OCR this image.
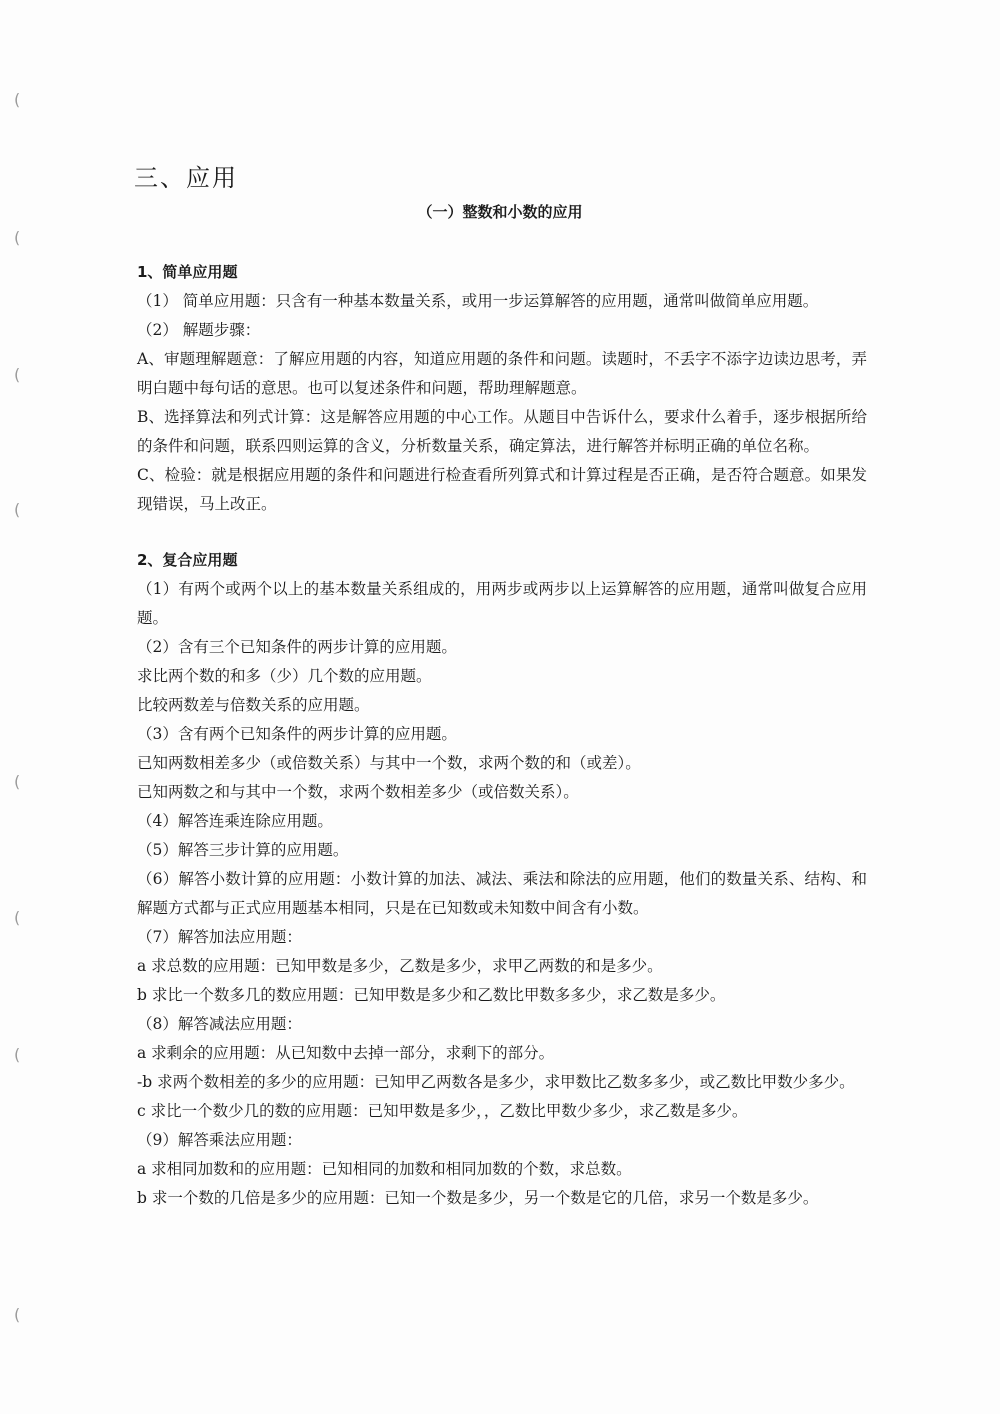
(
(
(
(
(
(
(
(
三、应用
（一）整数和小数的应用
1、简单应用题
（1） 简单应用题：只含有一种基本数量关系，或用一步运算解答的应用题，通常叫做简单应用题。
（2） 解题步骤：
A、审题理解题意：了解应用题的内容，知道应用题的条件和问题。读题时，不丢字不添字边读边思考，弄明白题中每句话的意思。也可以复述条件和问题，帮助理解题意。
B、选择算法和列式计算：这是解答应用题的中心工作。从题目中告诉什么，要求什么着手，逐步根据所给的条件和问题，联系四则运算的含义，分析数量关系，确定算法，进行解答并标明正确的单位名称。
C、检验：就是根据应用题的条件和问题进行检查看所列算式和计算过程是否正确，是否符合题意。如果发现错误，马上改正。
2、复合应用题
（1）有两个或两个以上的基本数量关系组成的，用两步或两步以上运算解答的应用题，通常叫做复合应用题。
（2）含有三个已知条件的两步计算的应用题。
求比两个数的和多（少）几个数的应用题。
比较两数差与倍数关系的应用题。
（3）含有两个已知条件的两步计算的应用题。
已知两数相差多少（或倍数关系）与其中一个数，求两个数的和（或差）。
已知两数之和与其中一个数，求两个数相差多少（或倍数关系）。
（4）解答连乘连除应用题。
（5）解答三步计算的应用题。
（6）解答小数计算的应用题：小数计算的加法、减法、乘法和除法的应用题，他们的数量关系、结构、和解题方式都与正式应用题基本相同，只是在已知数或未知数中间含有小数。
（7）解答加法应用题：
a 求总数的应用题：已知甲数是多少，乙数是多少，求甲乙两数的和是多少。
b 求比一个数多几的数应用题：已知甲数是多少和乙数比甲数多多少，求乙数是多少。
（8）解答减法应用题：
a 求剩余的应用题：从已知数中去掉一部分，求剩下的部分。
-b 求两个数相差的多少的应用题：已知甲乙两数各是多少，求甲数比乙数多多少，或乙数比甲数少多少。
c 求比一个数少几的数的应用题：已知甲数是多少，，乙数比甲数少多少，求乙数是多少。
（9）解答乘法应用题：
a 求相同加数和的应用题：已知相同的加数和相同加数的个数，求总数。
b 求一个数的几倍是多少的应用题：已知一个数是多少，另一个数是它的几倍，求另一个数是多少。
